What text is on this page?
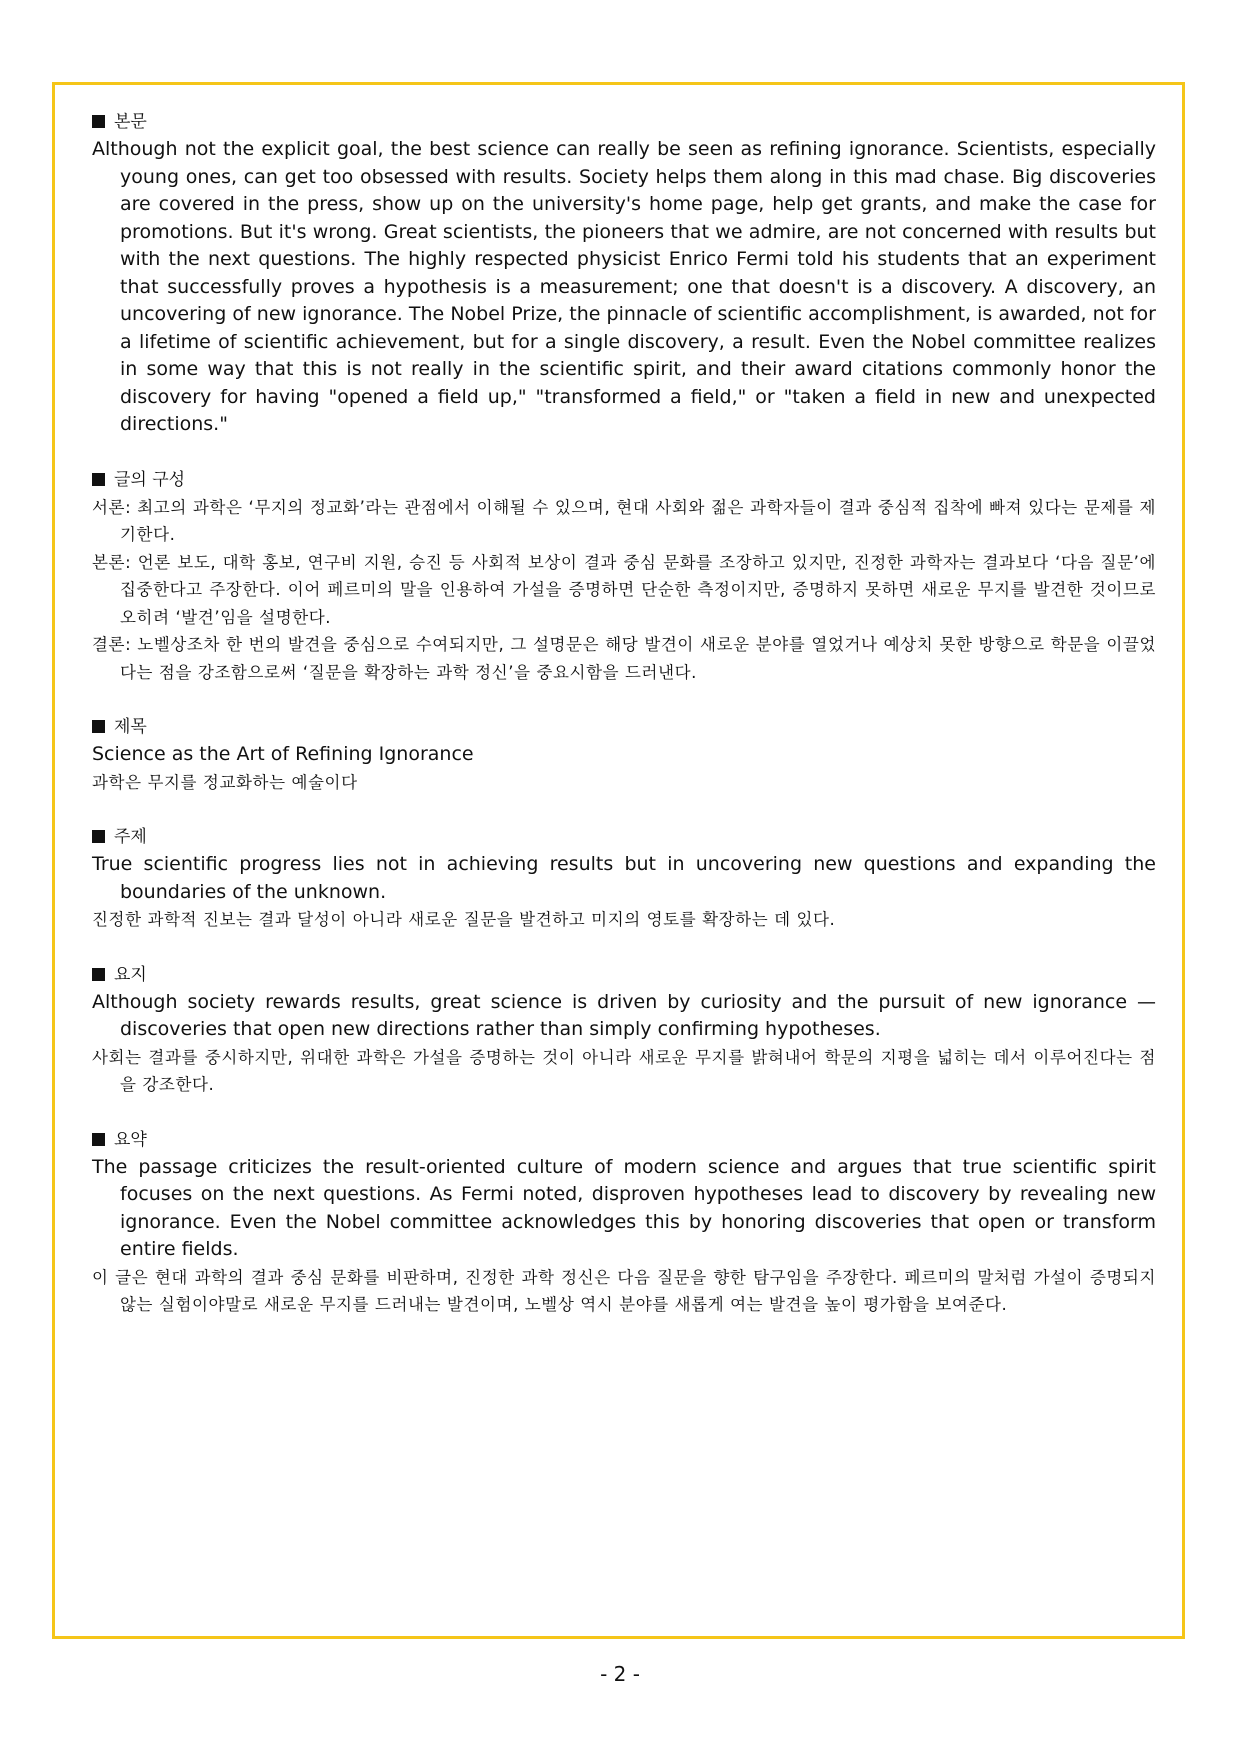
본문
Although not the explicit goal, the best science can really be seen as refining ignorance. Scientists, especially young ones, can get too obsessed with results. Society helps them along in this mad chase. Big discoveries are covered in the press, show up on the university's home page, help get grants, and make the case for promotions. But it's wrong. Great scientists, the pioneers that we admire, are not concerned with results but with the next questions. The highly respected physicist Enrico Fermi told his students that an experiment that successfully proves a hypothesis is a measurement; one that doesn't is a discovery. A discovery, an uncovering of new ignorance. The Nobel Prize, the pinnacle of scientific accomplishment, is awarded, not for a lifetime of scientific achievement, but for a single discovery, a result. Even the Nobel committee realizes in some way that this is not really in the scientific spirit, and their award citations commonly honor the discovery for having "opened a field up," "transformed a field," or "taken a field in new and unexpected directions."
글의 구성
서론: 최고의 과학은 ‘무지의 정교화’라는 관점에서 이해될 수 있으며, 현대 사회와 젊은 과학자들이 결과 중심적 집착에 빠져 있다는 문제를 제기한다.
본론: 언론 보도, 대학 홍보, 연구비 지원, 승진 등 사회적 보상이 결과 중심 문화를 조장하고 있지만, 진정한 과학자는 결과보다 ‘다음 질문’에 집중한다고 주장한다. 이어 페르미의 말을 인용하여 가설을 증명하면 단순한 측정이지만, 증명하지 못하면 새로운 무지를 발견한 것이므로 오히려 ‘발견’임을 설명한다.
결론: 노벨상조차 한 번의 발견을 중심으로 수여되지만, 그 설명문은 해당 발견이 새로운 분야를 열었거나 예상치 못한 방향으로 학문을 이끌었다는 점을 강조함으로써 ‘질문을 확장하는 과학 정신’을 중요시함을 드러낸다.
제목
Science as the Art of Refining Ignorance
과학은 무지를 정교화하는 예술이다
주제
True scientific progress lies not in achieving results but in uncovering new questions and expanding the boundaries of the unknown.
진정한 과학적 진보는 결과 달성이 아니라 새로운 질문을 발견하고 미지의 영토를 확장하는 데 있다.
요지
Although society rewards results, great science is driven by curiosity and the pursuit of new ignorance — discoveries that open new directions rather than simply confirming hypotheses.
사회는 결과를 중시하지만, 위대한 과학은 가설을 증명하는 것이 아니라 새로운 무지를 밝혀내어 학문의 지평을 넓히는 데서 이루어진다는 점을 강조한다.
요약
The passage criticizes the result-oriented culture of modern science and argues that true scientific spirit focuses on the next questions. As Fermi noted, disproven hypotheses lead to discovery by revealing new ignorance. Even the Nobel committee acknowledges this by honoring discoveries that open or transform entire fields.
이 글은 현대 과학의 결과 중심 문화를 비판하며, 진정한 과학 정신은 다음 질문을 향한 탐구임을 주장한다. 페르미의 말처럼 가설이 증명되지 않는 실험이야말로 새로운 무지를 드러내는 발견이며, 노벨상 역시 분야를 새롭게 여는 발견을 높이 평가함을 보여준다.
- 2 -
